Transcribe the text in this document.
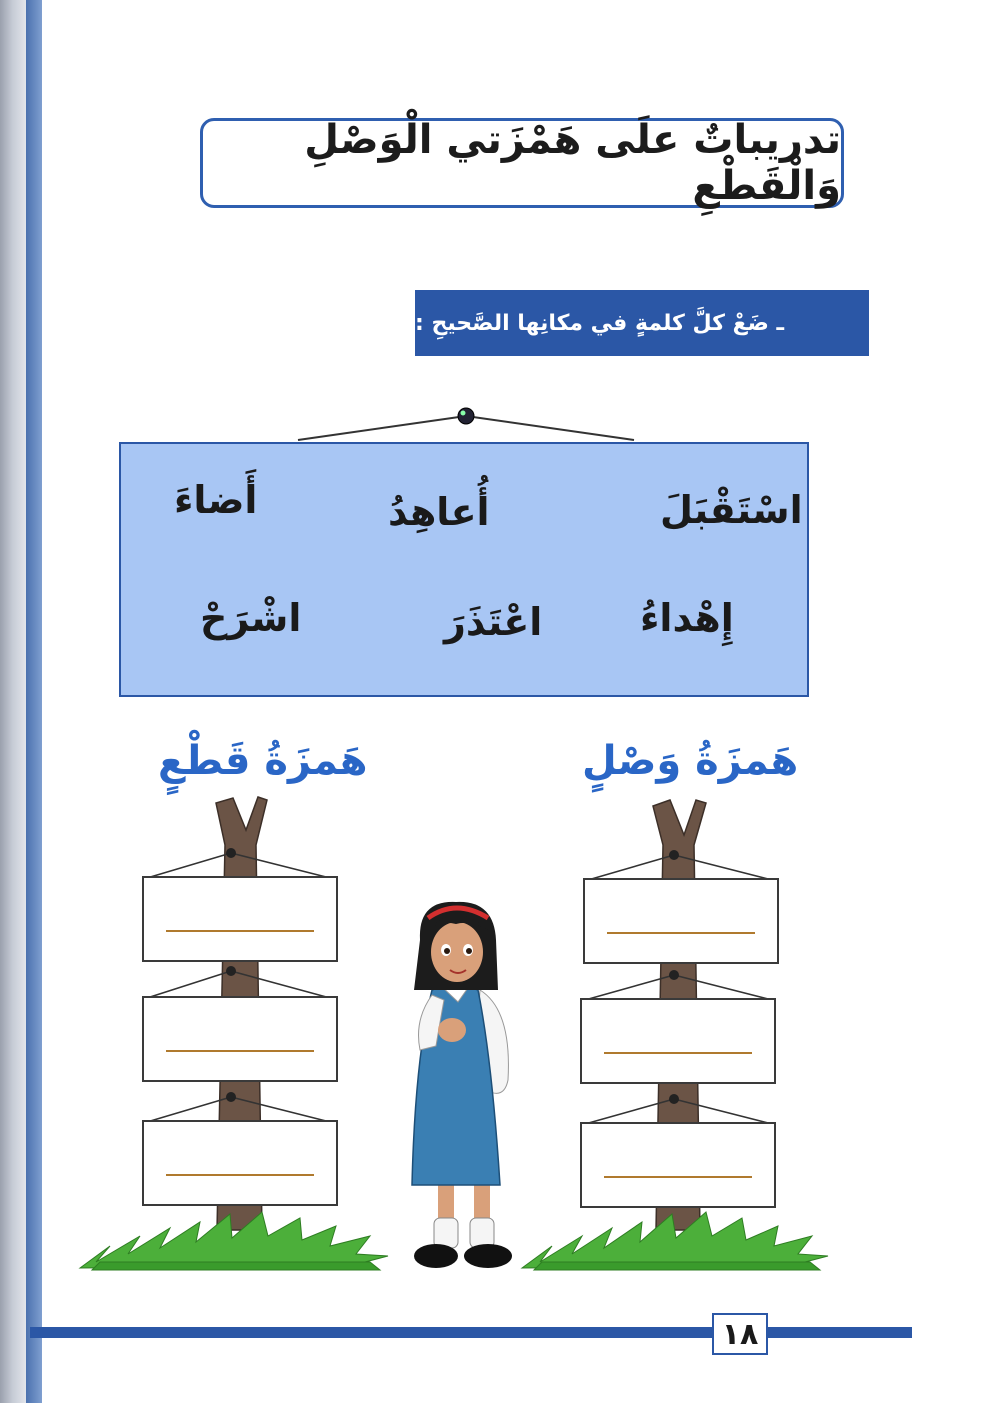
تدريباتٌ علَى هَمْزَتي الْوَصْلِ وَالْقَطْعِ
ـ ضَعْ كلَّ كلمةٍ في مكانِها الصَّحيحِ :
اسْتَقْبَلَ
أُعاهِدُ
أَضاءَ
إِهْداءُ
اعْتَذَرَ
اشْرَحْ
هَمزَةُ وَصْلٍ
هَمزَةُ قَطْعٍ
١٨
